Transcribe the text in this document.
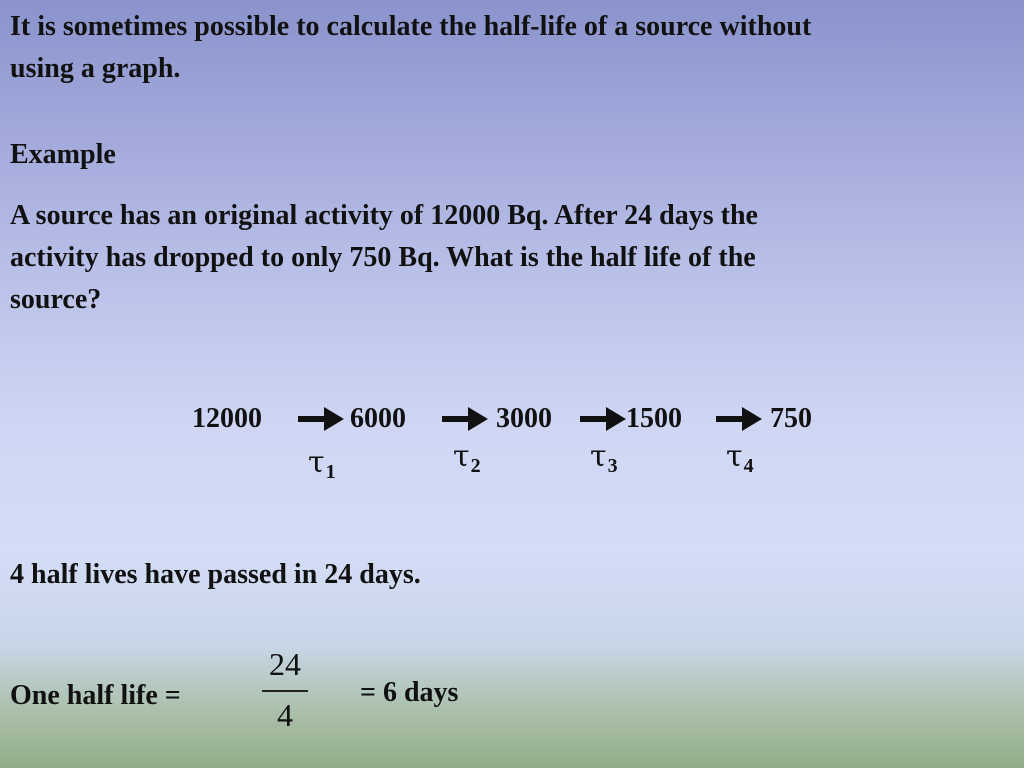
It is sometimes possible to calculate the half-life of a source without
using a graph.

Example

A source has an original activity of 12000 Bq. After 24 days the
activity has dropped to only 750 Bq. What is the half life of the
source?

12000	6000	3000	1500	750
$\tau_1$	$\tau_2$	$\tau_3$	$\tau_4$

4 half lives have passed in 24 days.

One half life =

24
4

= 6 days
